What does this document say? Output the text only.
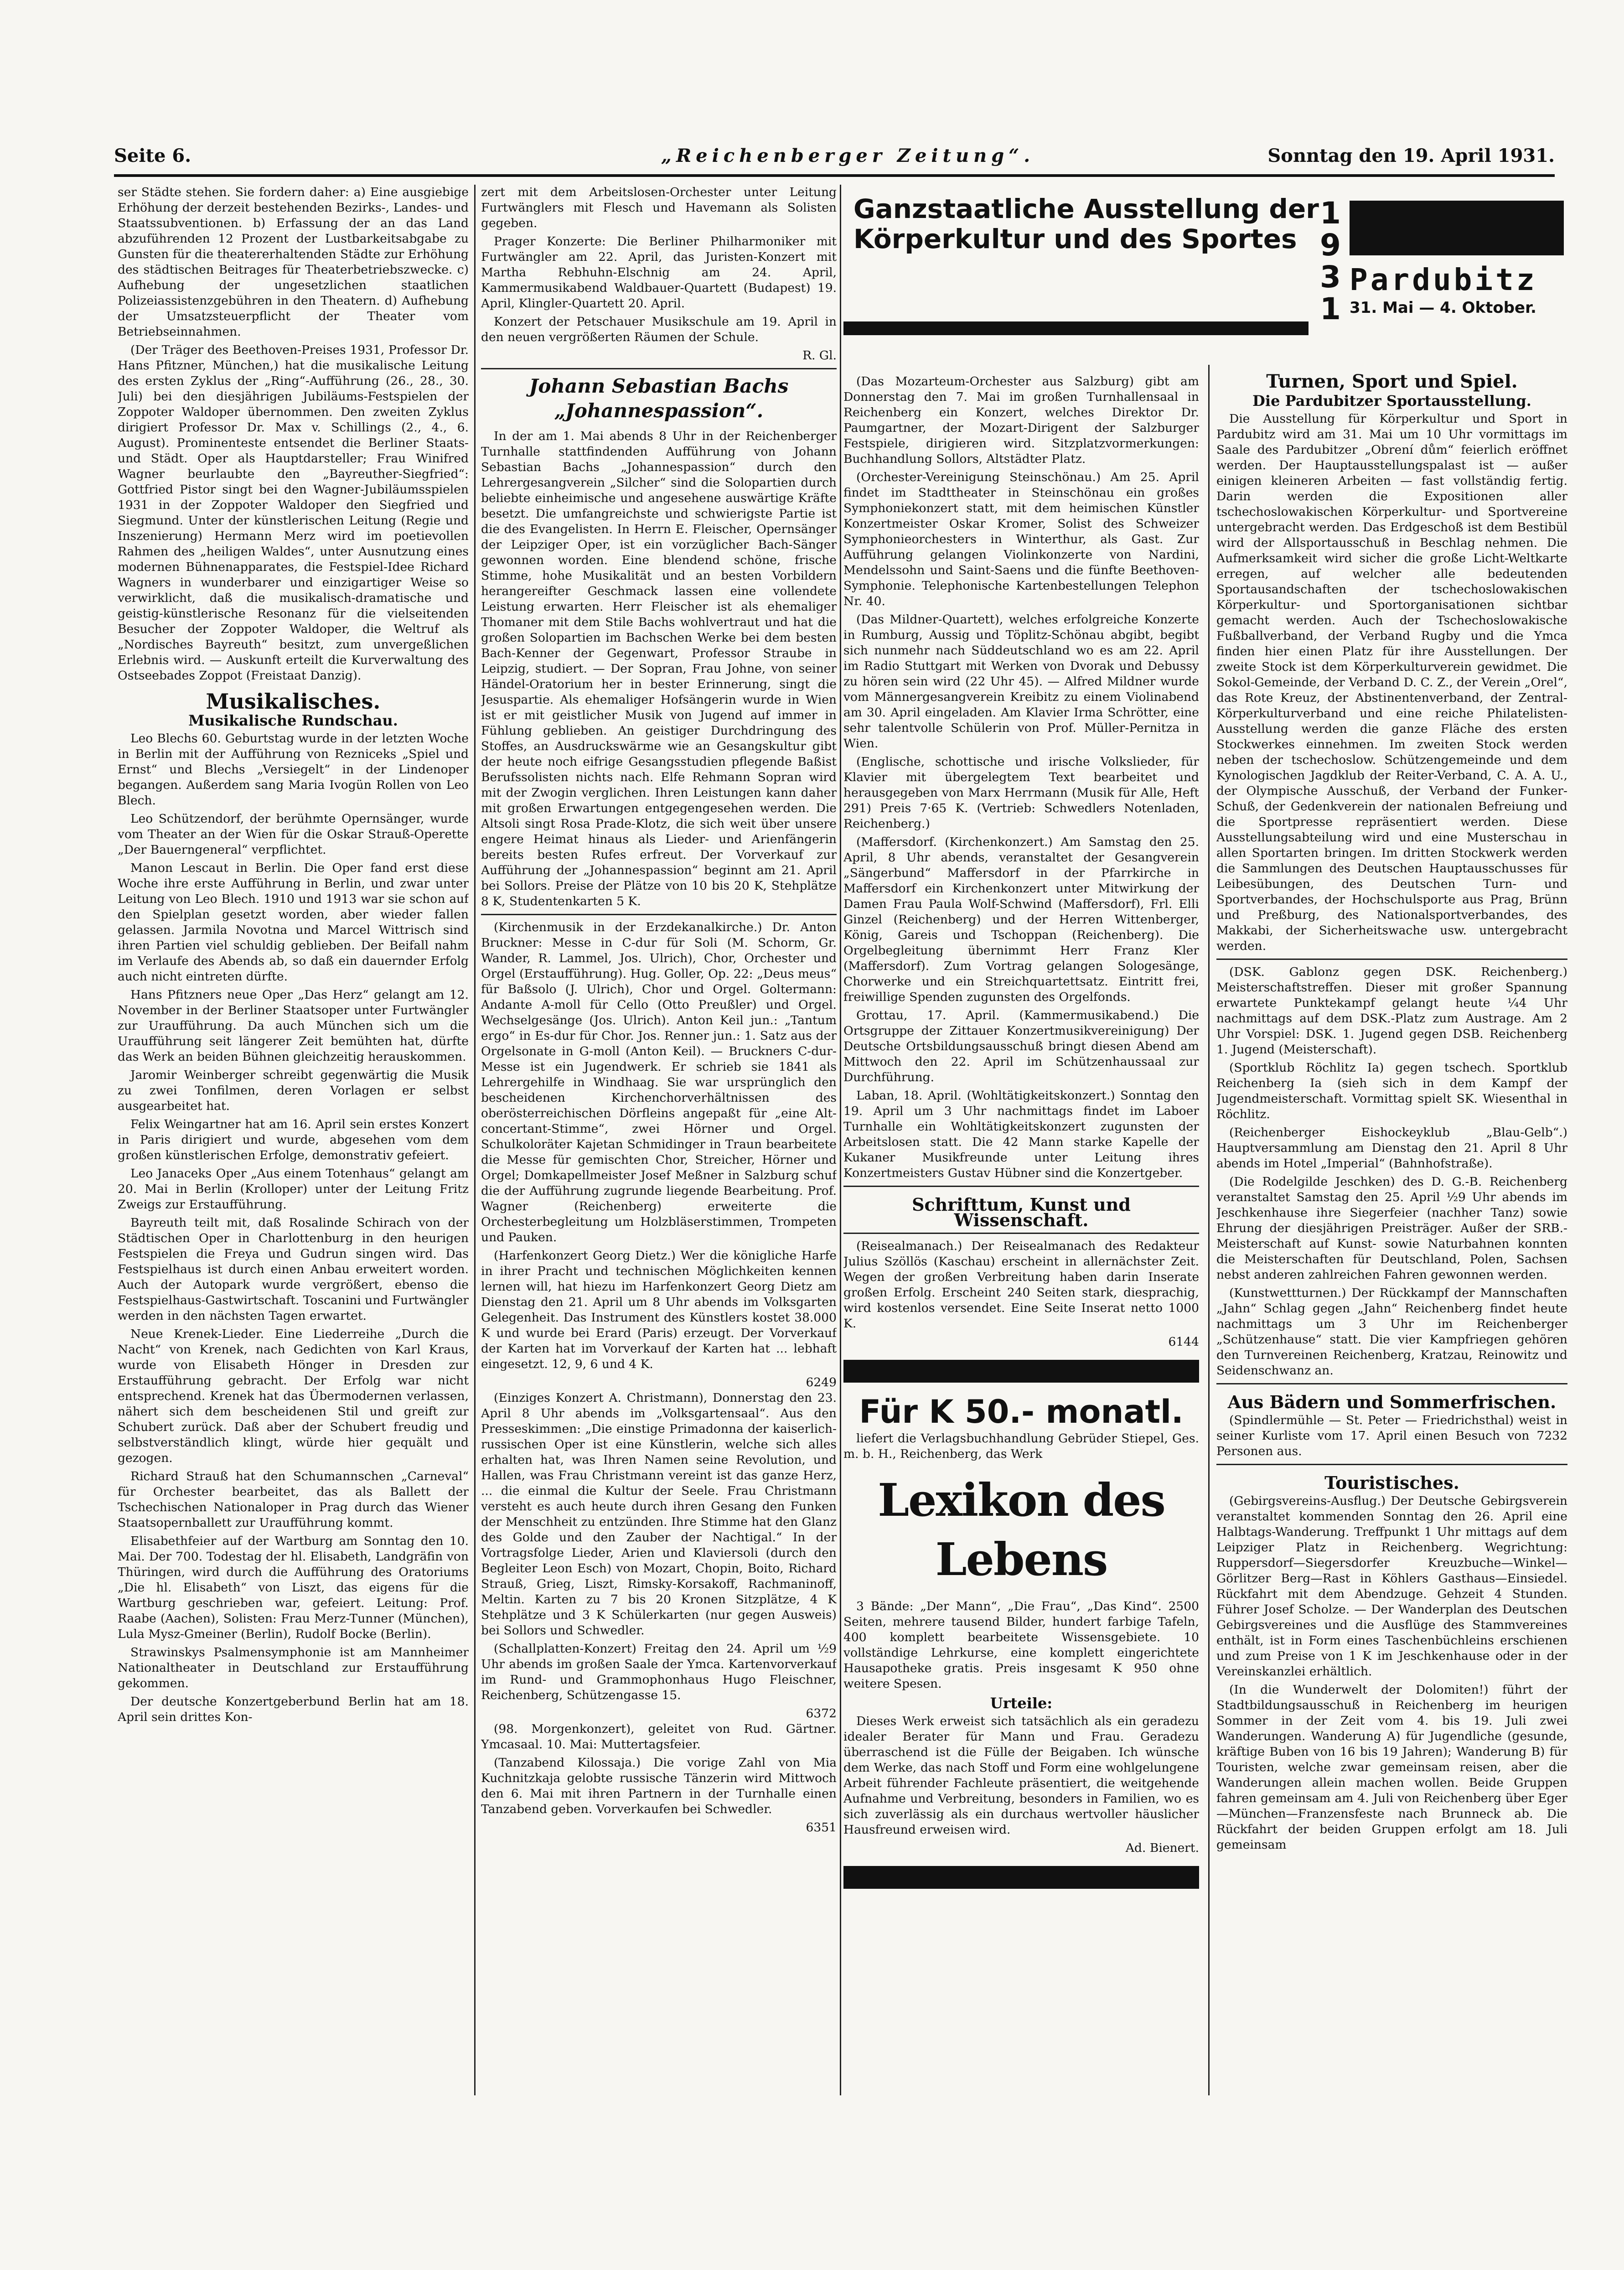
Seite 6.	„Reichenberger Zeitung“.	Sonntag den 19. April 1931.

ser Städte stehen. Sie fordern daher: a) Eine ausgiebige Erhöhung der derzeit bestehenden Bezirks-, Landes- und Staatssubventionen. b) Erfassung der an das Land abzuführenden 12 Prozent der Lustbarkeitsabgabe zu Gunsten für die theatererhaltenden Städte zur Erhöhung des städtischen Beitrages für Theaterbetriebszwecke. c) Aufhebung der ungesetzlichen staatlichen Polizeiassistenzgebühren in den Theatern. d) Aufhebung der Umsatzsteuerpflicht der Theater vom Betriebseinnahmen.

(Der Träger des Beethoven-Preises 1931, Professor Dr. Hans Pfitzner, München,) hat die musikalische Leitung des ersten Zyklus der „Ring“-Aufführung (26., 28., 30. Juli) bei den diesjährigen Jubiläums-Festspielen der Zoppoter Waldoper übernommen. Den zweiten Zyklus dirigiert Professor Dr. Max v. Schillings (2., 4., 6. August). Prominenteste entsendet die Berliner Staats- und Städt. Oper als Hauptdarsteller; Frau Winifred Wagner beurlaubte den „Bayreuther-Siegfried“: Gottfried Pistor singt bei den Wagner-Jubiläumsspielen 1931 in der Zoppoter Waldoper den Siegfried und Siegmund. Unter der künstlerischen Leitung (Regie und Inszenierung) Hermann Merz wird im poetievollen Rahmen des „heiligen Waldes“, unter Ausnutzung eines modernen Bühnenapparates, die Festspiel-Idee Richard Wagners in wunderbarer und einzigartiger Weise so verwirklicht, daß die musikalisch-dramatische und geistig-künstlerische Resonanz für die vielseitenden Besucher der Zoppoter Waldoper, die Weltruf als „Nordisches Bayreuth“ besitzt, zum unvergeßlichen Erlebnis wird. — Auskunft erteilt die Kurverwaltung des Ostseebades Zoppot (Freistaat Danzig).

Musikalisches.
Musikalische Rundschau.

Leo Blechs 60. Geburtstag wurde in der letzten Woche in Berlin mit der Aufführung von Rezniceks „Spiel und Ernst“ und Blechs „Versiegelt“ in der Lindenoper begangen. Außerdem sang Maria Ivogün Rollen von Leo Blech.

Leo Schützendorf, der berühmte Opernsänger, wurde vom Theater an der Wien für die Oskar Strauß-Operette „Der Bauerngeneral“ verpflichtet.

Manon Lescaut in Berlin. Die Oper fand erst diese Woche ihre erste Aufführung in Berlin, und zwar unter Leitung von Leo Blech. 1910 und 1913 war sie schon auf den Spielplan gesetzt worden, aber wieder fallen gelassen. Jarmila Novotna und Marcel Wittrisch sind ihren Partien viel schuldig geblieben. Der Beifall nahm im Verlaufe des Abends ab, so daß ein dauernder Erfolg auch nicht eintreten dürfte.

Hans Pfitzners neue Oper „Das Herz“ gelangt am 12. November in der Berliner Staatsoper unter Furtwängler zur Uraufführung. Da auch München sich um die Uraufführung seit längerer Zeit bemühten hat, dürfte das Werk an beiden Bühnen gleichzeitig herauskommen.

Jaromir Weinberger schreibt gegenwärtig die Musik zu zwei Tonfilmen, deren Vorlagen er selbst ausgearbeitet hat.

Felix Weingartner hat am 16. April sein erstes Konzert in Paris dirigiert und wurde, abgesehen vom dem großen künstlerischen Erfolge, demonstrativ gefeiert.

Leo Janaceks Oper „Aus einem Totenhaus“ gelangt am 20. Mai in Berlin (Krolloper) unter der Leitung Fritz Zweigs zur Erstaufführung.

Bayreuth teilt mit, daß Rosalinde Schirach von der Städtischen Oper in Charlottenburg in den heurigen Festspielen die Freya und Gudrun singen wird. Das Festspielhaus ist durch einen Anbau erweitert worden. Auch der Autopark wurde vergrößert, ebenso die Festspielhaus-Gastwirtschaft. Toscanini und Furtwängler werden in den nächsten Tagen erwartet.

Neue Krenek-Lieder. Eine Liederreihe „Durch die Nacht“ von Krenek, nach Gedichten von Karl Kraus, wurde von Elisabeth Hönger in Dresden zur Erstaufführung gebracht. Der Erfolg war nicht entsprechend. Krenek hat das Übermodernen verlassen, nähert sich dem bescheidenen Stil und greift zur Schubert zurück. Daß aber der Schubert freudig und selbstverständlich klingt, würde hier gequält und gezogen.

Richard Strauß hat den Schumannschen „Carneval“ für Orchester bearbeitet, das als Ballett der Tschechischen Nationaloper in Prag durch das Wiener Staatsopernballett zur Uraufführung kommt.

Elisabethfeier auf der Wartburg am Sonntag den 10. Mai. Der 700. Todestag der hl. Elisabeth, Landgräfin von Thüringen, wird durch die Aufführung des Oratoriums „Die hl. Elisabeth“ von Liszt, das eigens für die Wartburg geschrieben war, gefeiert. Leitung: Prof. Raabe (Aachen), Solisten: Frau Merz-Tunner (München), Lula Mysz-Gmeiner (Berlin), Rudolf Bocke (Berlin).

Strawinskys Psalmensymphonie ist am Mannheimer Nationaltheater in Deutschland zur Erstaufführung gekommen.

Der deutsche Konzertgeberbund Berlin hat am 18. April sein drittes Kon-

zert mit dem Arbeitslosen-Orchester unter Leitung Furtwänglers mit Flesch und Havemann als Solisten gegeben.

Prager Konzerte: Die Berliner Philharmoniker mit Furtwängler am 22. April, das Juristen-Konzert mit Martha Rebhuhn-Elschnig am 24. April, Kammermusikabend Waldbauer-Quartett (Budapest) 19. April, Klingler-Quartett 20. April.

Konzert der Petschauer Musikschule am 19. April in den neuen vergrößerten Räumen der Schule.

R. Gl.
Johann Sebastian Bachs „Johannespassion“.

In der am 1. Mai abends 8 Uhr in der Reichenberger Turnhalle stattfindenden Aufführung von Johann Sebastian Bachs „Johannespassion“ durch den Lehrergesangverein „Silcher“ sind die Solopartien durch beliebte einheimische und angesehene auswärtige Kräfte besetzt. Die umfangreichste und schwierigste Partie ist die des Evangelisten. In Herrn E. Fleischer, Opernsänger der Leipziger Oper, ist ein vorzüglicher Bach-Sänger gewonnen worden. Eine blendend schöne, frische Stimme, hohe Musikalität und an besten Vorbildern herangereifter Geschmack lassen eine vollendete Leistung erwarten. Herr Fleischer ist als ehemaliger Thomaner mit dem Stile Bachs wohlvertraut und hat die großen Solopartien im Bachschen Werke bei dem besten Bach-Kenner der Gegenwart, Professor Straube in Leipzig, studiert. — Der Sopran, Frau Johne, von seiner Händel-Oratorium her in bester Erinnerung, singt die Jesuspartie. Als ehemaliger Hofsängerin wurde in Wien ist er mit geistlicher Musik von Jugend auf immer in Fühlung geblieben. An geistiger Durchdringung des Stoffes, an Ausdruckswärme wie an Gesangskultur gibt der heute noch eifrige Gesangsstudien pflegende Baßist Berufssolisten nichts nach. Elfe Rehmann Sopran wird mit der Zwogin verglichen. Ihren Leistungen kann daher mit großen Erwartungen entgegengesehen werden. Die Altsoli singt Rosa Prade-Klotz, die sich weit über unsere engere Heimat hinaus als Lieder- und Arienfängerin bereits besten Rufes erfreut. Der Vorverkauf zur Aufführung der „Johannespassion“ beginnt am 21. April bei Sollors. Preise der Plätze von 10 bis 20 K, Stehplätze 8 K, Studentenkarten 5 K.

(Kirchenmusik in der Erzdekanalkirche.) Dr. Anton Bruckner: Messe in C-dur für Soli (M. Schorm, Gr. Wander, R. Lammel, Jos. Ulrich), Chor, Orchester und Orgel (Erstaufführung). Hug. Goller, Op. 22: „Deus meus“ für Baßsolo (J. Ulrich), Chor und Orgel. Goltermann: Andante A-moll für Cello (Otto Preußler) und Orgel. Wechselgesänge (Jos. Ulrich). Anton Keil jun.: „Tantum ergo“ in Es-dur für Chor. Jos. Renner jun.: 1. Satz aus der Orgelsonate in G-moll (Anton Keil). — Bruckners C-dur-Messe ist ein Jugendwerk. Er schrieb sie 1841 als Lehrergehilfe in Windhaag. Sie war ursprünglich den bescheidenen Kirchenchorverhältnissen des oberösterreichischen Dörfleins angepaßt für „eine Alt-concertant-Stimme“, zwei Hörner und Orgel. Schulkoloräter Kajetan Schmidinger in Traun bearbeitete die Messe für gemischten Chor, Streicher, Hörner und Orgel; Domkapellmeister Josef Meßner in Salzburg schuf die der Aufführung zugrunde liegende Bearbeitung. Prof. Wagner (Reichenberg) erweiterte die Orchesterbegleitung um Holzbläserstimmen, Trompeten und Pauken.

(Harfenkonzert Georg Dietz.) Wer die königliche Harfe in ihrer Pracht und technischen Möglichkeiten kennen lernen will, hat hiezu im Harfenkonzert Georg Dietz am Dienstag den 21. April um 8 Uhr abends im Volksgarten Gelegenheit. Das Instrument des Künstlers kostet 38.000 K und wurde bei Erard (Paris) erzeugt. Der Vorverkauf der Karten hat im Vorverkauf der Karten hat ... lebhaft eingesetzt. 12, 9, 6 und 4 K.

6249

(Einziges Konzert A. Christmann), Donnerstag den 23. April 8 Uhr abends im „Volksgartensaal“. Aus den Presseskimmen: „Die einstige Primadonna der kaiserlich-russischen Oper ist eine Künstlerin, welche sich alles erhalten hat, was Ihren Namen seine Revolution, und Hallen, was Frau Christmann vereint ist das ganze Herz, ... die einmal die Kultur der Seele. Frau Christmann versteht es auch heute durch ihren Gesang den Funken der Menschheit zu entzünden. Ihre Stimme hat den Glanz des Golde und den Zauber der Nachtigal.“ In der Vortragsfolge Lieder, Arien und Klaviersoli (durch den Begleiter Leon Esch) von Mozart, Chopin, Boito, Richard Strauß, Grieg, Liszt, Rimsky-Korsakoff, Rachmaninoff, Meltin. Karten zu 7 bis 20 Kronen Sitzplätze, 4 K Stehplätze und 3 K Schülerkarten (nur gegen Ausweis) bei Sollors und Schwedler.

(Schallplatten-Konzert) Freitag den 24. April um ½9 Uhr abends im großen Saale der Ymca. Kartenvorverkauf im Rund- und Grammophonhaus Hugo Fleischner, Reichenberg, Schützengasse 15.

6372

(98. Morgenkonzert), geleitet von Rud. Gärtner. Ymcasaal. 10. Mai: Muttertagsfeier.

(Tanzabend Kilossaja.) Die vorige Zahl von Mia Kuchnitzkaja gelobte russische Tänzerin wird Mittwoch den 6. Mai mit ihren Partnern in der Turnhalle einen Tanzabend geben. Vorverkaufen bei Schwedler.

6351
Ganzstaatliche Ausstellung der
Körperkultur und des Sportes
1
9
3
1
Pardubitz
31. Mai — 4. Oktober.

(Das Mozarteum-Orchester aus Salzburg) gibt am Donnerstag den 7. Mai im großen Turnhallensaal in Reichenberg ein Konzert, welches Direktor Dr. Paumgartner, der Mozart-Dirigent der Salzburger Festspiele, dirigieren wird. Sitzplatzvormerkungen: Buchhandlung Sollors, Altstädter Platz.

(Orchester-Vereinigung Steinschönau.) Am 25. April findet im Stadttheater in Steinschönau ein großes Symphoniekonzert statt, mit dem heimischen Künstler Konzertmeister Oskar Kromer, Solist des Schweizer Symphonieorchesters in Winterthur, als Gast. Zur Aufführung gelangen Violinkonzerte von Nardini, Mendelssohn und Saint-Saens und die fünfte Beethoven-Symphonie. Telephonische Kartenbestellungen Telephon Nr. 40.

(Das Mildner-Quartett), welches erfolgreiche Konzerte in Rumburg, Aussig und Töplitz-Schönau abgibt, begibt sich nunmehr nach Süddeutschland wo es am 22. April im Radio Stuttgart mit Werken von Dvorak und Debussy zu hören sein wird (22 Uhr 45). — Alfred Mildner wurde vom Männergesangverein Kreibitz zu einem Violinabend am 30. April eingeladen. Am Klavier Irma Schrötter, eine sehr talentvolle Schülerin von Prof. Müller-Pernitza in Wien.

(Englische, schottische und irische Volkslieder, für Klavier mit übergelegtem Text bearbeitet und herausgegeben von Marx Herrmann (Musik für Alle, Heft 291) Preis 7·65 K. (Vertrieb: Schwedlers Notenladen, Reichenberg.)

(Maffersdorf. (Kirchenkonzert.) Am Samstag den 25. April, 8 Uhr abends, veranstaltet der Gesangverein „Sängerbund“ Maffersdorf in der Pfarrkirche in Maffersdorf ein Kirchenkonzert unter Mitwirkung der Damen Frau Paula Wolf-Schwind (Maffersdorf), Frl. Elli Ginzel (Reichenberg) und der Herren Wittenberger, König, Gareis und Tschoppan (Reichenberg). Die Orgelbegleitung übernimmt Herr Franz Kler (Maffersdorf). Zum Vortrag gelangen Sologesänge, Chorwerke und ein Streichquartettsatz. Eintritt frei, freiwillige Spenden zugunsten des Orgelfonds.

Grottau, 17. April. (Kammermusikabend.) Die Ortsgruppe der Zittauer Konzertmusikvereinigung) Der Deutsche Ortsbildungsausschuß bringt diesen Abend am Mittwoch den 22. April im Schützenhaussaal zur Durchführung.

Laban, 18. April. (Wohltätigkeitskonzert.) Sonntag den 19. April um 3 Uhr nachmittags findet im Laboer Turnhalle ein Wohltätigkeitskonzert zugunsten der Arbeitslosen statt. Die 42 Mann starke Kapelle der Kukaner Musikfreunde unter Leitung ihres Konzertmeisters Gustav Hübner sind die Konzertgeber.

Schrifttum, Kunst und Wissenschaft.

(Reisealmanach.) Der Reisealmanach des Redakteur Julius Szöllös (Kaschau) erscheint in allernächster Zeit. Wegen der großen Verbreitung haben darin Inserate großen Erfolg. Erscheint 240 Seiten stark, diesprachig, wird kostenlos versendet. Eine Seite Inserat netto 1000 K.

6144
Für K 50.- monatl.

liefert die Verlagsbuchhandlung Gebrüder Stiepel, Ges. m. b. H., Reichenberg, das Werk

Lexikon des Lebens

3 Bände: „Der Mann“, „Die Frau“, „Das Kind“. 2500 Seiten, mehrere tausend Bilder, hundert farbige Tafeln, 400 komplett bearbeitete Wissensgebiete. 10 vollständige Lehrkurse, eine komplett eingerichtete Hausapotheke gratis. Preis insgesamt K 950 ohne weitere Spesen.

Urteile:

Dieses Werk erweist sich tatsächlich als ein geradezu idealer Berater für Mann und Frau. Geradezu überraschend ist die Fülle der Beigaben. Ich wünsche dem Werke, das nach Stoff und Form eine wohlgelungene Arbeit führender Fachleute präsentiert, die weitgehende Aufnahme und Verbreitung, besonders in Familien, wo es sich zuverlässig als ein durchaus wertvoller häuslicher Hausfreund erweisen wird.

Ad. Bienert.
Turnen, Sport und Spiel.
Die Pardubitzer Sportausstellung.

Die Ausstellung für Körperkultur und Sport in Pardubitz wird am 31. Mai um 10 Uhr vormittags im Saale des Pardubitzer „Obrení dům“ feierlich eröffnet werden. Der Hauptausstellungspalast ist — außer einigen kleineren Arbeiten — fast vollständig fertig. Darin werden die Expositionen aller tschechoslowakischen Körperkultur- und Sportvereine untergebracht werden. Das Erdgeschoß ist dem Bestibül wird der Allsportausschuß in Beschlag nehmen. Die Aufmerksamkeit wird sicher die große Licht-Weltkarte erregen, auf welcher alle bedeutenden Sportausandschaften der tschechoslowakischen Körperkultur- und Sportorganisationen sichtbar gemacht werden. Auch der Tschechoslowakische Fußballverband, der Verband Rugby und die Ymca finden hier einen Platz für ihre Ausstellungen. Der zweite Stock ist dem Körperkulturverein gewidmet. Die Sokol-Gemeinde, der Verband D. C. Z., der Verein „Orel“, das Rote Kreuz, der Abstinentenverband, der Zentral-Körperkulturverband und eine reiche Philatelisten-Ausstellung werden die ganze Fläche des ersten Stockwerkes einnehmen. Im zweiten Stock werden neben der tschechoslow. Schützengemeinde und dem Kynologischen Jagdklub der Reiter-Verband, C. A. A. U., der Olympische Ausschuß, der Verband der Funker-Schuß, der Gedenkverein der nationalen Befreiung und die Sportpresse repräsentiert werden. Diese Ausstellungsabteilung wird und eine Musterschau in allen Sportarten bringen. Im dritten Stockwerk werden die Sammlungen des Deutschen Hauptausschusses für Leibesübungen, des Deutschen Turn- und Sportverbandes, der Hochschulsporte aus Prag, Brünn und Preßburg, des Nationalsportverbandes, des Makkabi, der Sicherheitswache usw. untergebracht werden.

(DSK. Gablonz gegen DSK. Reichenberg.) Meisterschaftstreffen. Dieser mit großer Spannung erwartete Punktekampf gelangt heute ¼4 Uhr nachmittags auf dem DSK.-Platz zum Austrage. Am 2 Uhr Vorspiel: DSK. 1. Jugend gegen DSB. Reichenberg 1. Jugend (Meisterschaft).

(Sportklub Röchlitz Ia) gegen tschech. Sportklub Reichenberg Ia (sieh sich in dem Kampf der Jugendmeisterschaft. Vormittag spielt SK. Wiesenthal in Röchlitz.

(Reichenberger Eishockeyklub „Blau-Gelb“.) Hauptversammlung am Dienstag den 21. April 8 Uhr abends im Hotel „Imperial“ (Bahnhofstraße).

(Die Rodelgilde Jeschken) des D. G.-B. Reichenberg veranstaltet Samstag den 25. April ½9 Uhr abends im Jeschkenhause ihre Siegerfeier (nachher Tanz) sowie Ehrung der diesjährigen Preisträger. Außer der SRB.-Meisterschaft auf Kunst- sowie Naturbahnen konnten die Meisterschaften für Deutschland, Polen, Sachsen nebst anderen zahlreichen Fahren gewonnen werden.

(Kunstwettturnen.) Der Rückkampf der Mannschaften „Jahn“ Schlag gegen „Jahn“ Reichenberg findet heute nachmittags um 3 Uhr im Reichenberger „Schützenhause“ statt. Die vier Kampfriegen gehören den Turnvereinen Reichenberg, Kratzau, Reinowitz und Seidenschwanz an.

Aus Bädern und Sommerfrischen.

(Spindlermühle — St. Peter — Friedrichsthal) weist in seiner Kurliste vom 17. April einen Besuch von 7232 Personen aus.

Touristisches.

(Gebirgsvereins-Ausflug.) Der Deutsche Gebirgsverein veranstaltet kommenden Sonntag den 26. April eine Halbtags-Wanderung. Treffpunkt 1 Uhr mittags auf dem Leipziger Platz in Reichenberg. Wegrichtung: Ruppersdorf—Siegersdorfer Kreuzbuche—Winkel—Görlitzer Berg—Rast in Köhlers Gasthaus—Einsiedel. Rückfahrt mit dem Abendzuge. Gehzeit 4 Stunden. Führer Josef Scholze. — Der Wanderplan des Deutschen Gebirgsvereines und die Ausflüge des Stammvereines enthält, ist in Form eines Taschenbüchleins erschienen und zum Preise von 1 K im Jeschkenhause oder in der Vereinskanzlei erhältlich.

(In die Wunderwelt der Dolomiten!) führt der Stadtbildungsausschuß in Reichenberg im heurigen Sommer in der Zeit vom 4. bis 19. Juli zwei Wanderungen. Wanderung A) für Jugendliche (gesunde, kräftige Buben von 16 bis 19 Jahren); Wanderung B) für Touristen, welche zwar gemeinsam reisen, aber die Wanderungen allein machen wollen. Beide Gruppen fahren gemeinsam am 4. Juli von Reichenberg über Eger—München—Franzensfeste nach Brunneck ab. Die Rückfahrt der beiden Gruppen erfolgt am 18. Juli gemeinsam
